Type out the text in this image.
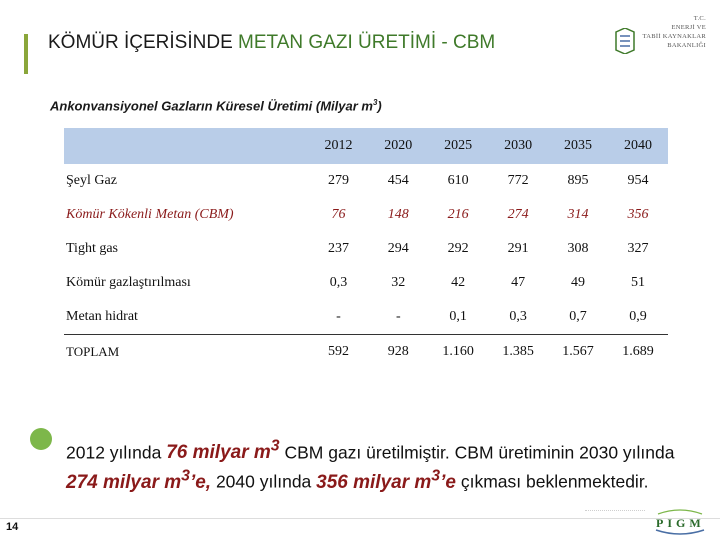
KÖMÜR İÇERİSİNDE METAN GAZI ÜRETİMİ - CBM
T.C.
ENERJİ VE
TABİİ KAYNAKLAR
BAKANLIĞI
Ankonvansiyonel Gazların Küresel Üretimi (Milyar $m^3$)
	2012	2020	2025	2030	2035	2040
Şeyl Gaz	279	454	610	772	895	954
Kömür Kökenli Metan (CBM)	76	148	216	274	314	356
Tight gas	237	294	292	291	308	327
Kömür gazlaştırılması	0,3	32	42	47	49	51
Metan hidrat	-	-	0,1	0,3	0,7	0,9
TOPLAM	592	928	1.160	1.385	1.567	1.689
2012 yılında 76 milyar $m^3$ CBM gazı üretilmiştir. CBM üretiminin 2030 yılında 274 milyar $m^3’e$, 2040 yılında 356 milyar $m^3’e$ çıkması beklenmektedir.
14	PIGM
